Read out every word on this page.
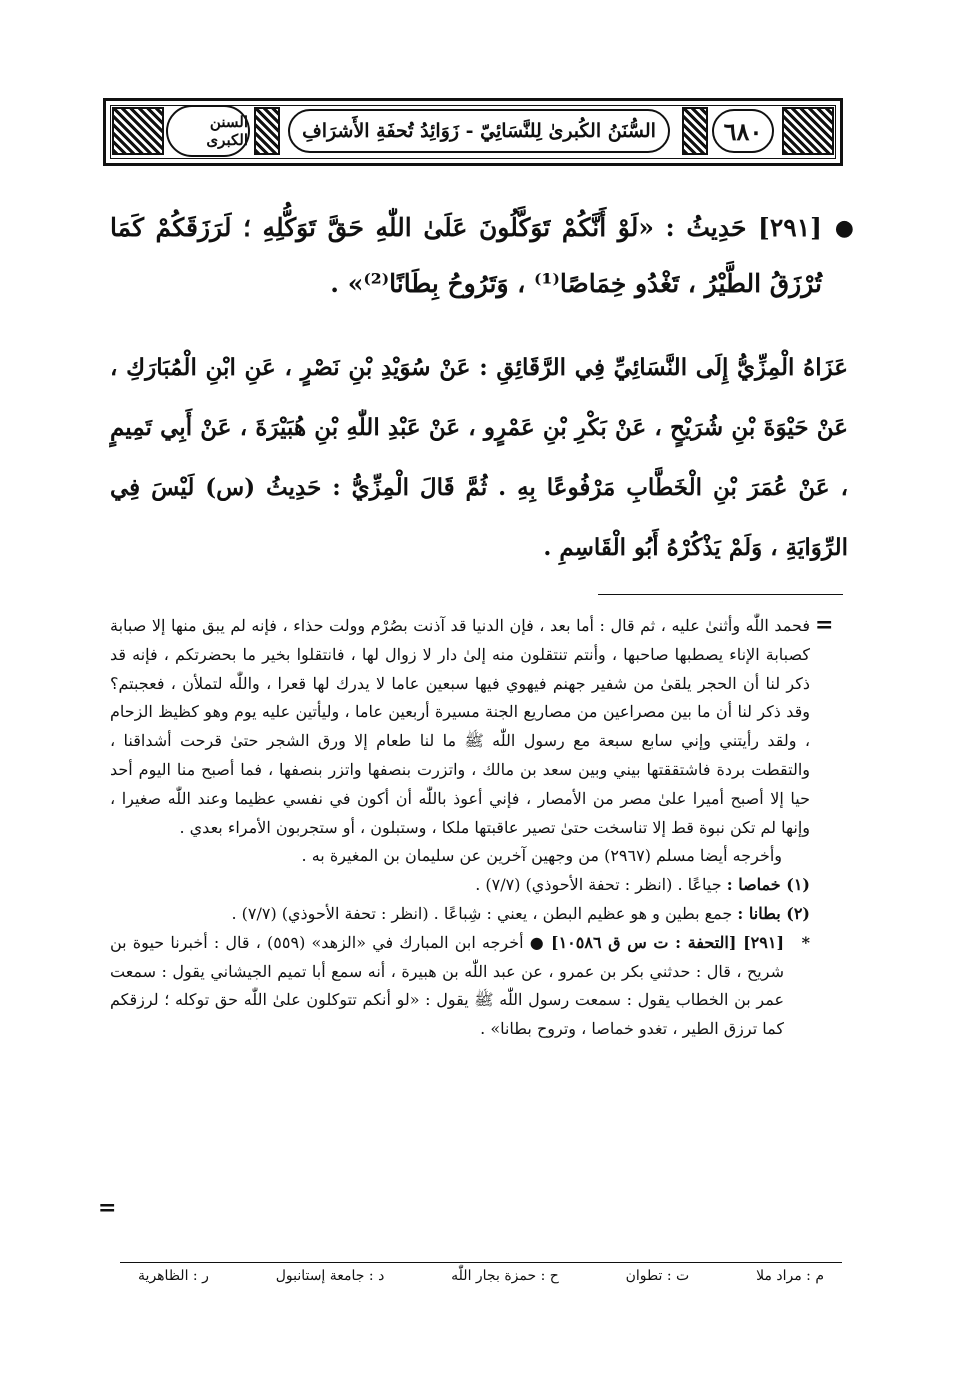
السنن الكبرى	السُّنَنُ الكُبرىٰ لِلنَّسَائِيّ - زَوَائِدُ تُحفَةِ الأَشرَافِ	٦٨٠
●
[٢٩١] حَدِيثُ : «لَوْ أَنَّكُمْ تَوَكَّلُونَ عَلَىٰ اللّٰهِ حَقَّ تَوَكُّلِهِ ؛ لَرَزَقَكُمْ كَمَا تُرْزَقُ الطَّيْرُ ، تَغْدُو خِمَاصًا⁽¹⁾ ، وَتَرُوحُ بِطَانًا⁽²⁾» .
عَزَاهُ الْمِزِّيُّ إِلَى النَّسَائِيِّ فِي الرَّقَائِقِ : عَنْ سُوَيْدِ بْنِ نَصْرٍ ، عَنِ ابْنِ الْمُبَارَكِ ، عَنْ حَيْوَةَ بْنِ شُرَيْحٍ ، عَنْ بَكْرِ بْنِ عَمْرٍو ، عَنْ عَبْدِ اللّٰهِ بْنِ هُبَيْرَةَ ، عَنْ أَبِي تَمِيمٍ ، عَنْ عُمَرَ بْنِ الْخَطَّابِ مَرْفُوعًا بِهِ . ثُمَّ قَالَ الْمِزِّيُّ : حَدِيثُ (س) لَيْسَ فِي الرِّوَايَةِ ، وَلَمْ يَذْكُرْهُ أَبُو الْقَاسِمِ .
=

فحمد اللّٰه وأثنىٰ عليه ، ثم قال : أما بعد ، فإن الدنيا قد آذنت بصُرْم وولت حذاء ، فإنه لم يبق منها إلا صبابة كصبابة الإناء يصطبها صاحبها ، وأنتم تنتقلون منه إلىٰ دار لا زوال لها ، فانتقلوا بخير ما بحضرتكم ، فإنه قد ذكر لنا أن الحجر يلقىٰ من شفير جهنم فيهوي فيها سبعين عاما لا يدرك لها قعرا ، واللّٰه لتملأن ، فعجبتم؟ وقد ذكر لنا أن ما بين مصراعين من مصاريع الجنة مسيرة أربعين عاما ، وليأتين عليه يوم وهو كظيظ الزحام ، ولقد رأيتني وإني سابع سبعة مع رسول اللّٰه ﷺ ما لنا طعام إلا ورق الشجر حتىٰ قرحت أشداقنا ، والتقطت بردة فاشتققتها بيني وبين سعد بن مالك ، واتزرت بنصفها واتزر بنصفها ، فما أصبح منا اليوم أحد حيا إلا أصبح أميرا علىٰ مصر من الأمصار ، فإني أعوذ باللّٰه أن أكون في نفسي عظيما وعند اللّٰه صغيرا ، وإنها لم تكن نبوة قط إلا تناسخت حتىٰ تصير عاقبتها ملكا ، وستبلون ، أو ستجربون الأمراء بعدي .

وأخرجه أيضا مسلم (٢٩٦٧) من وجهين آخرين عن سليمان بن المغيرة به .

(١) خماصا : جياعًا . (انظر : تحفة الأحوذي) (٧/٧) .

(٢) بطانا : جمع بطين و هو عظيم البطن ، يعني : شِباعًا . (انظر : تحفة الأحوذي) (٧/٧) .

*
[٢٩١] [التحفة : ت س ق ١٠٥٨٦] ● أخرجه ابن المبارك في «الزهد» (٥٥٩) ، قال : أخبرنا حيوة بن شريح ، قال : حدثني بكر بن عمرو ، عن عبد اللّٰه بن هبيرة ، أنه سمع أبا تميم الجيشاني يقول : سمعت عمر بن الخطاب يقول : سمعت رسول اللّٰه ﷺ يقول : «لو أنكم تتوكلون علىٰ اللّٰه حق توكله ؛ لرزقكم كما ترزق الطير ، تغدو خماصا ، وتروح بطانا» .

=
م : مراد ملا
ت : تطوان
ح : حمزة بجار اللّٰه
د : جامعة إستانبول
ر : الظاهرية
